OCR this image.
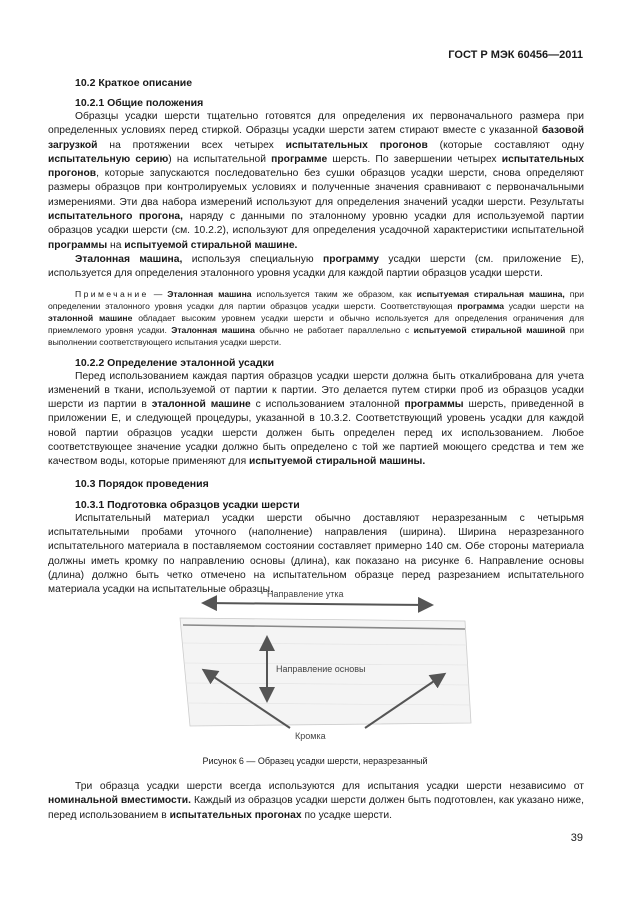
ГОСТ Р МЭК 60456—2011
10.2 Краткое описание
10.2.1 Общие положения

Образцы усадки шерсти тщательно готовятся для определения их первоначального размера при определенных условиях перед стиркой. Образцы усадки шерсти затем стирают вместе с указанной базовой загрузкой на протяжении всех четырех испытательных прогонов (которые составляют одну испытательную серию) на испытательной программе шерсть. По завершении четырех испытательных прогонов, которые запускаются последовательно без сушки образцов усадки шерсти, снова определяют размеры образцов при контролируемых условиях и полученные значения сравнивают с первоначальными измерениями. Эти два набора измерений используют для определения значений усадки шерсти. Результаты испытательного прогона, наряду с данными по эталонному уровню усадки для используемой партии образцов усадки шерсти (см. 10.2.2), используют для определения усадочной характеристики испытательной программы на испытуемой стиральной машине.

Эталонная машина, используя специальную программу усадки шерсти (см. приложение Е), используется для определения эталонного уровня усадки для каждой партии образцов усадки шерсти.

Примечание — Эталонная машина используется таким же образом, как испытуемая стиральная машина, при определении эталонного уровня усадки для партии образцов усадки шерсти. Соответствующая программа усадки шерсти на эталонной машине обладает высоким уровнем усадки шерсти и обычно используется для определения ограничения для приемлемого уровня усадки. Эталонная машина обычно не работает параллельно с испытуемой стиральной машиной при выполнении соответствующего испытания усадки шерсти.

10.2.2 Определение эталонной усадки

Перед использованием каждая партия образцов усадки шерсти должна быть откалибрована для учета изменений в ткани, используемой от партии к партии. Это делается путем стирки проб из образцов усадки шерсти из партии в эталонной машине с использованием эталонной программы шерсть, приведенной в приложении Е, и следующей процедуры, указанной в 10.3.2. Соответствующий уровень усадки для каждой новой партии образцов усадки шерсти должен быть определен перед их использованием. Любое соответствующее значение усадки должно быть определено с той же партией моющего средства и тем же качеством воды, которые применяют для испытуемой стиральной машины.

10.3 Порядок проведения
10.3.1 Подготовка образцов усадки шерсти

Испытательный материал усадки шерсти обычно доставляют неразрезанным с четырьмя испытательными пробами уточного (наполнение) направления (ширина). Ширина неразрезанного испытательного материала в поставляемом состоянии составляет примерно 140 см. Обе стороны материала должны иметь кромку по направлению основы (длина), как показано на рисунке 6. Направление основы (длина) должно быть четко отмечено на испытательном образце перед разрезанием испытательного материала усадки на испытательные образцы.

Направление утка
Направление основы
Кромка
Рисунок 6 — Образец усадки шерсти, неразрезанный

Три образца усадки шерсти всегда используются для испытания усадки шерсти независимо от номинальной вместимости. Каждый из образцов усадки шерсти должен быть подготовлен, как указано ниже, перед использованием в испытательных прогонах по усадке шерсти.

39
